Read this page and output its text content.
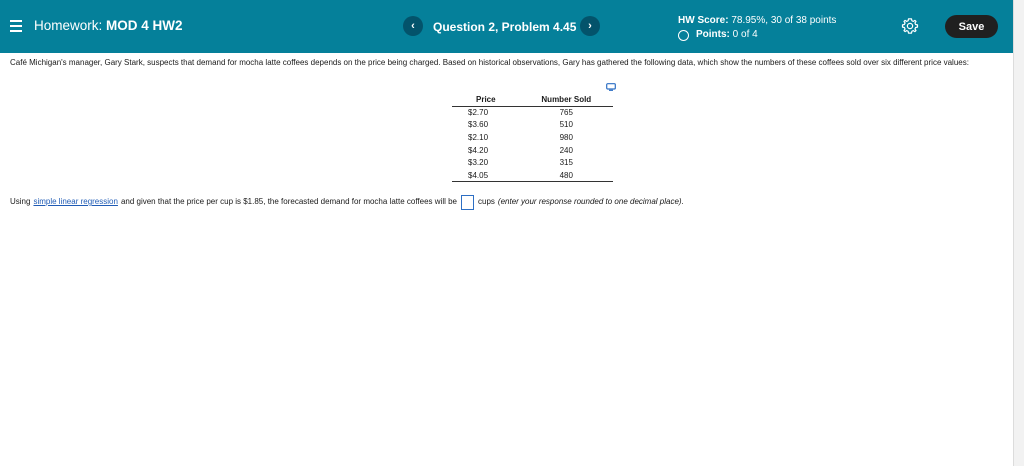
Homework: MOD 4 HW2	‹	Question 2, Problem 4.45	›	HW Score: 78.95%, 30 of 38 points
Points:
0 of 4
Save

Café Michigan's manager, Gary Stark, suspects that demand for mocha latte coffees depends on the price being charged. Based on historical observations, Gary has gathered the following data, which show the numbers of these coffees sold over six different price values:

Price	Number Sold
$2.70	765
$3.60	510
$2.10	980
$4.20	240
$3.20	315
$4.05	480
Using simple linear regression and given that the price per cup is $1.85, the forecasted demand for mocha latte coffees will be	cups (enter your response rounded to one decimal place).
